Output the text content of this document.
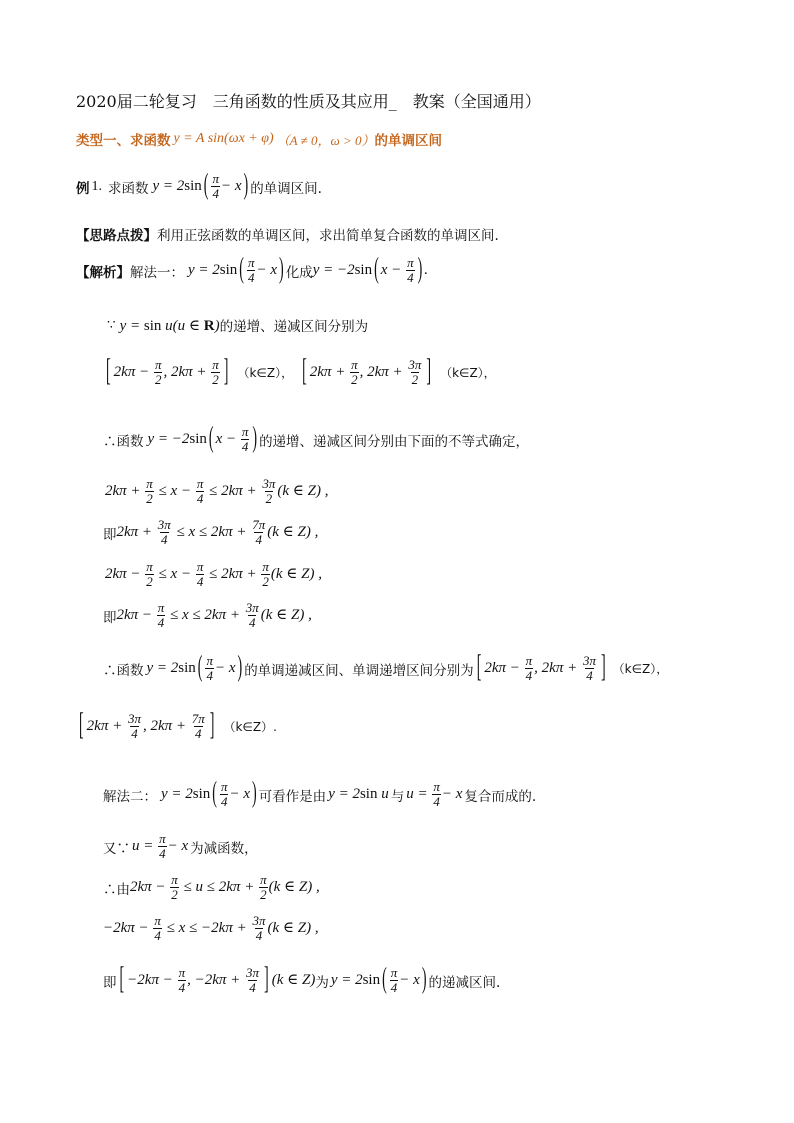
2020届二轮复习　三角函数的性质及其应用_　教案（全国通用）
类型一、求函数 y = A sin(ωx + φ) （A ≠ 0，ω > 0） 的单调区间
例 1. 求函数 y = 2sin ( $\frac{\pi}{4} - x$ ) 的单调区间.
【思路点拨】 利用正弦函数的单调区间，求出简单复合函数的单调区间.
【解析】 解法一： y = 2sin ( $\frac{\pi}{4} - x$ ) 化成 y = −2sin ( $x - \frac{\pi}{4}$ ) .
∵ y = sin u(u ∈ R) 的递增、递减区间分别为
[ $2k\pi - \frac{\pi}{2}$ , $2k\pi + \frac{\pi}{2}$ ] （k∈Z）， [ $2k\pi + \frac{\pi}{2}$ , $2k\pi + \frac{3\pi}{2}$ ] （k∈Z），
∴函数 y = −2sin ( $x - \frac{\pi}{4}$ ) 的递增、递减区间分别由下面的不等式确定，
$2k\pi + \frac{\pi}{2} \le x - \frac{\pi}{4} \le 2k\pi + \frac{3\pi}{2} (k$ ∈ Z) ,
即 $2k\pi + \frac{3\pi}{4} \le x \le 2k\pi + \frac{7\pi}{4} (k$ ∈ Z) ,
$2k\pi - \frac{\pi}{2} \le x - \frac{\pi}{4} \le 2k\pi + \frac{\pi}{2} (k$ ∈ Z) ,
即 $2k\pi - \frac{\pi}{4} \le x \le 2k\pi + \frac{3\pi}{4} (k$ ∈ Z) ,
∴函数 y = 2sin ( $\frac{\pi}{4} - x$ ) 的单调递减区间、单调递增区间分别为 [ $2k\pi - \frac{\pi}{4}$ , $2k\pi + \frac{3\pi}{4}$ ] （k∈Z），
[ $2k\pi + \frac{3\pi}{4}$ , $2k\pi + \frac{7\pi}{4}$ ] （k∈Z）.
解法二： y = 2sin ( $\frac{\pi}{4} - x$ ) 可看作是由 y = 2sin u 与 $u = \frac{\pi}{4} - x$ 复合而成的.
又∵ $u = \frac{\pi}{4} - x$ 为减函数，
∴由 $2k\pi - \frac{\pi}{2} \le u \le 2k\pi + \frac{\pi}{2} (k$ ∈ Z) ,
$-2k\pi - \frac{\pi}{4} \le x \le -2k\pi + \frac{3\pi}{4} (k$ ∈ Z) ,
即 [ $-2k\pi - \frac{\pi}{4}$ , $-2k\pi + \frac{3\pi}{4}$ ] (k ∈ Z) 为 y = 2sin ( $\frac{\pi}{4} - x$ ) 的递减区间.
